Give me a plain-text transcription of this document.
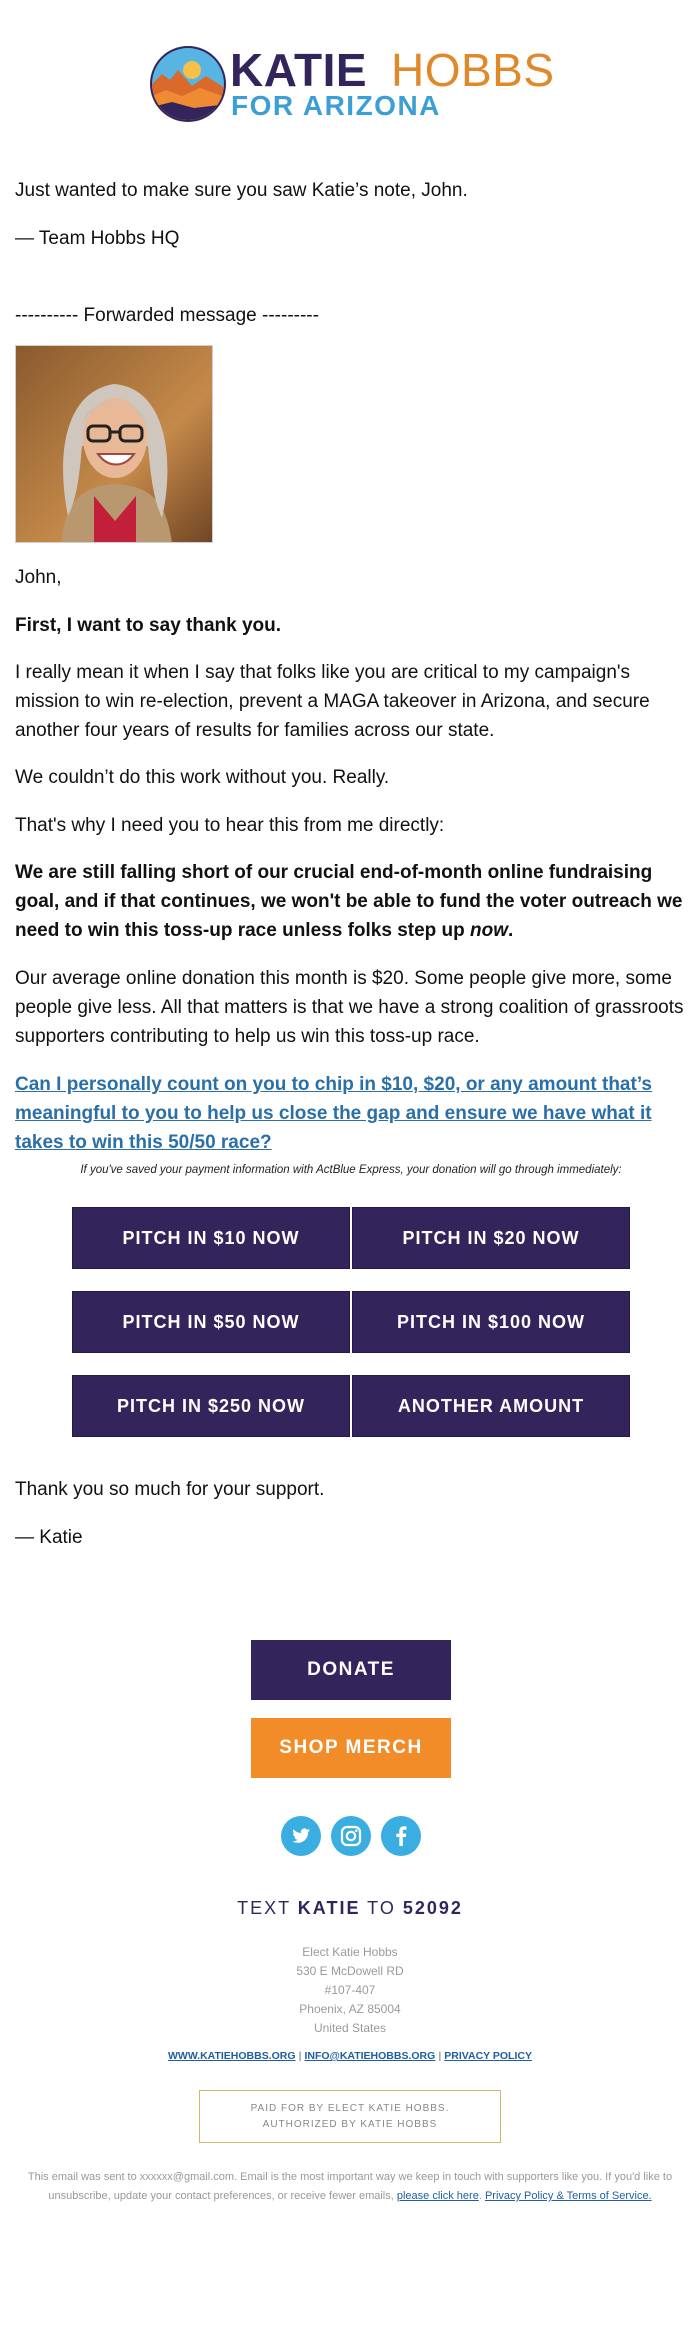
KATIE HOBBS
FOR ARIZONA

Just wanted to make sure you saw Katie’s note, John.

— Team Hobbs HQ

---------- Forwarded message ---------

John,

First, I want to say thank you.

I really mean it when I say that folks like you are critical to my campaign's mission to win re-election, prevent a MAGA takeover in Arizona, and secure another four years of results for families across our state.

We couldn’t do this work without you. Really.

That's why I need you to hear this from me directly:

We are still falling short of our crucial end-of-month online fundraising goal, and if that continues, we won't be able to fund the voter outreach we need to win this toss-up race unless folks step up now.

Our average online donation this month is $20. Some people give more, some people give less. All that matters is that we have a strong coalition of grassroots supporters contributing to help us win this toss-up race.

Can I personally count on you to chip in $10, $20, or any amount that’s meaningful to you to help us close the gap and ensure we have what it takes to win this 50/50 race?

If you've saved your payment information with ActBlue Express, your donation will go through immediately:
PITCH IN $10 NOW	PITCH IN $20 NOW
PITCH IN $50 NOW	PITCH IN $100 NOW
PITCH IN $250 NOW	ANOTHER AMOUNT

Thank you so much for your support.

— Katie

DONATE
SHOP MERCH
TEXT KATIE TO 52092
Elect Katie Hobbs
530 E McDowell RD
#107-407
Phoenix, AZ 85004
United States
WWW.KATIEHOBBS.ORG | INFO@KATIEHOBBS.ORG | PRIVACY POLICY
PAID FOR BY ELECT KATIE HOBBS.
AUTHORIZED BY KATIE HOBBS
This email was sent to xxxxxx@gmail.com. Email is the most important way we keep in touch with supporters like you. If you'd like to unsubscribe, update your contact preferences, or receive fewer emails, please click here. Privacy Policy & Terms of Service.
